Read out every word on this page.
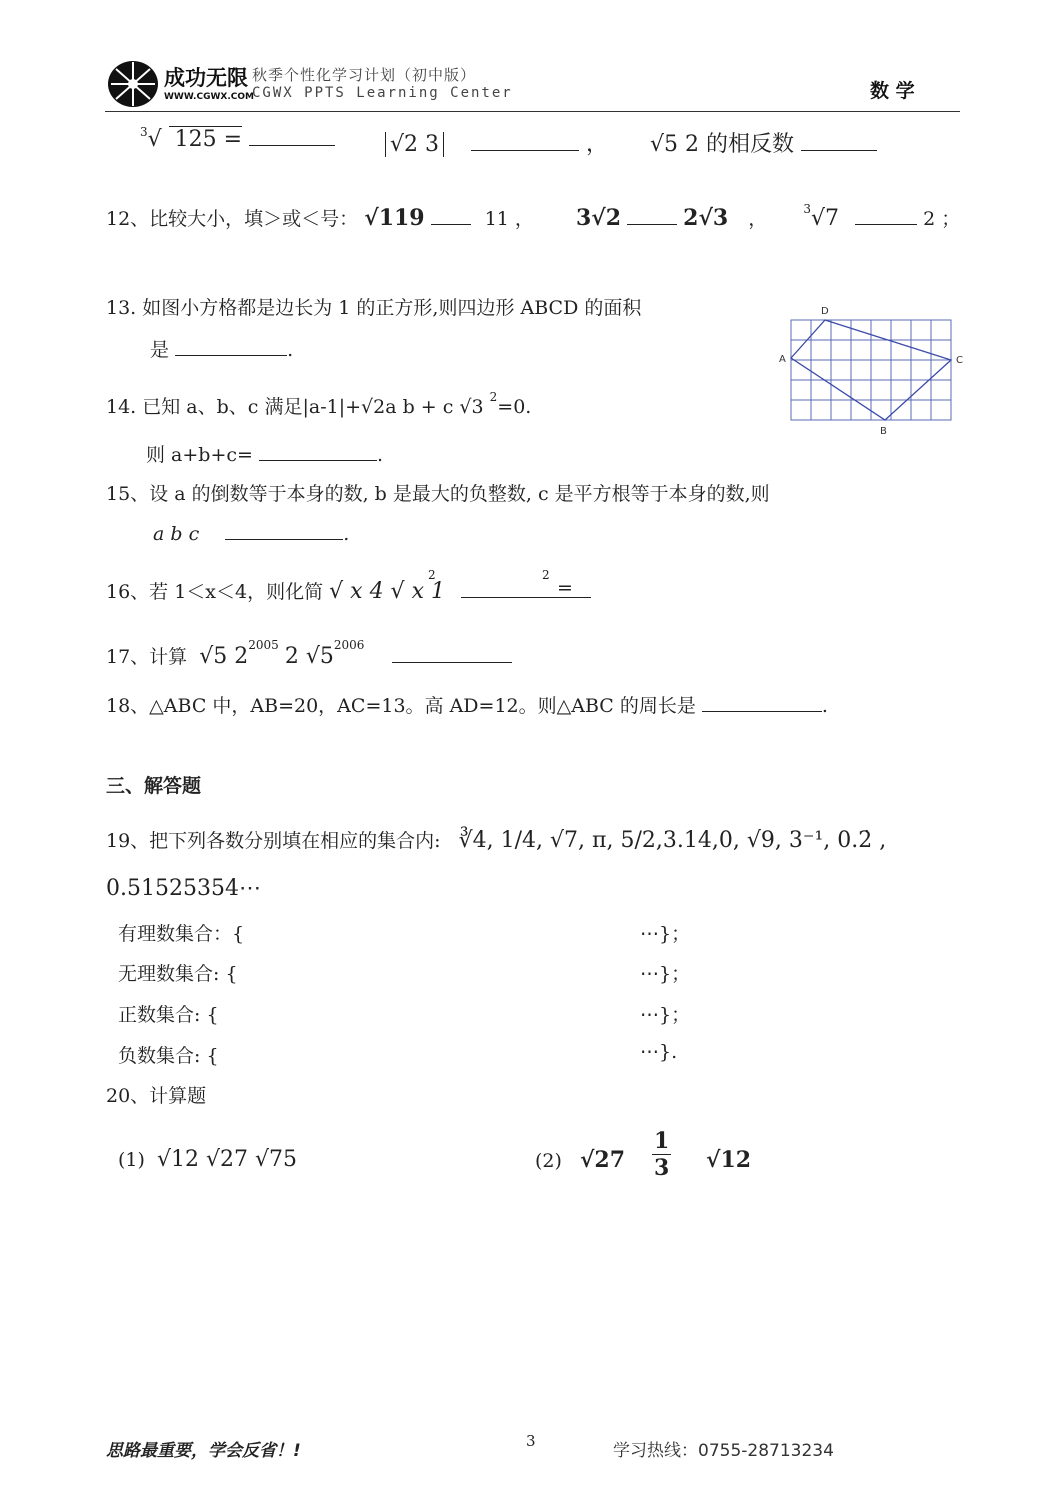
成功无限
WWW.CGWX.COM
秋季个性化学习计划（初中版）
CGWX PPTS Learning Center	数 学
$^3$√ 125 =	√2 3	， √5 2 的相反数
12、比较大小，填＞或＜号： √119	11 ， 3√2	2√3 ，	$^3$√7	2 ；
13. 如图小方格都是边长为 1 的正方形,则四边形 ABCD 的面积
是	.	A
D
C
B
14. 已知 a、b、c 满足|a-1|+√2a b + c √3 $^2$=0.
则 a+b+c=	.
15、设 a 的倒数等于本身的数, b 是最大的负整数, c 是平方根等于本身的数,则
a b c	.
16、若 1＜x＜4，则化简 √ x 4 √ x 1
2	2
=
17、计算 √5 $2^{2005}$ 2 $√5^{2006}$
18、△ABC 中，AB=20，AC=13。高 AD=12。则△ABC 的周长是	.
三、解答题
19、把下列各数分别填在相应的集合内: ∛4, 1/4, √7, π, 5/2,3.14,0, √9, 3⁻¹, 0.2̇ ,
0.51525354⋯
有理数集合：{	⋯}；
无理数集合: {	⋯}；
正数集合: {	⋯}；
负数集合: {	⋯}.
20、计算题
(1) √12 √27 √75	(2) √27
1
3 √12
思路最重要，学会反省！!	3	学习热线：0755-28713234
